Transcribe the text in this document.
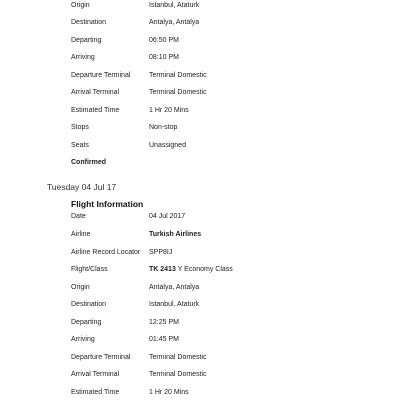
Origin	Istanbul, Ataturk
Destination	Antalya, Antalya
Departing	06:50 PM
Arriving	08:10 PM
Departure Terminal	Terminal Domestic
Arrival Terminal	Terminal Domestic
Estimated Time	1 Hr 20 Mins
Stops	Non-stop
Seats	Unassigned
Confirmed
Tuesday 04 Jul 17
Flight Information
Date	04 Jul 2017
Airline	Turkish Airlines
Airline Record Locator SPP8IJ
Flight/Class	TK 2413 Y Economy Class
Origin	Antalya, Antalya
Destination	Istanbul, Ataturk
Departing	12:25 PM
Arriving	01:45 PM
Departure Terminal	Terminal Domestic
Arrival Terminal	Terminal Domestic
Estimated Time	1 Hr 20 Mins
